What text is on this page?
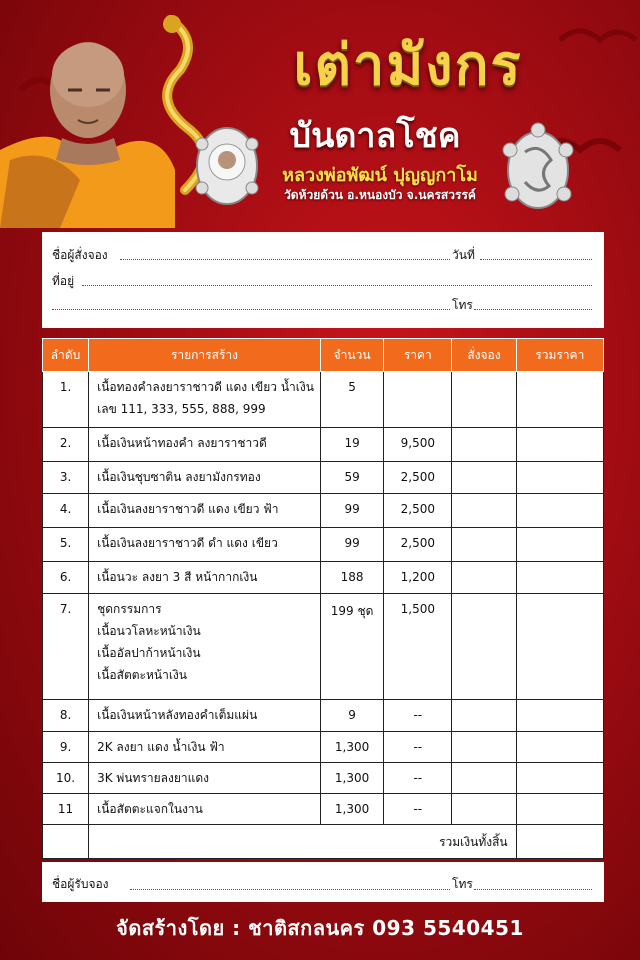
เต่ามังกร
บันดาลโชค
หลวงพ่อพัฒน์ ปุญญกาโม
วัดห้วยด้วน อ.หนองบัว จ.นครสวรรค์
ชื่อผู้สั่งจอง	วันที่
ที่อยู่
โทร
ลำดับ	รายการสร้าง	จำนวน	ราคา	สั่งจอง	รวมราคา
1.	เนื้อทองคำลงยาราชาวดี แดง เขียว น้ำเงิน
เลข 111, 333, 555, 888, 999	5			
2.	เนื้อเงินหน้าทองคำ ลงยาราชาวดี	19	9,500		
3.	เนื้อเงินชุบซาติน ลงยามังกรทอง	59	2,500		
4.	เนื้อเงินลงยาราชาวดี แดง เขียว ฟ้า	99	2,500		
5.	เนื้อเงินลงยาราชาวดี ดำ แดง เขียว	99	2,500		
6.	เนื้อนวะ ลงยา 3 สี หน้ากากเงิน	188	1,200		
7.	ชุดกรรมการ
เนื้อนวโลหะหน้าเงิน
เนื้ออัลปาก้าหน้าเงิน
เนื้อสัตตะหน้าเงิน	199 ชุด	1,500		
8.	เนื้อเงินหน้าหลังทองคำเต็มแผ่น	9	--		
9.	2K ลงยา แดง น้ำเงิน ฟ้า	1,300	--		
10.	3K พ่นทรายลงยาแดง	1,300	--		
11	เนื้อสัตตะแจกในงาน	1,300	--		
	รวมเงินทั้งสิ้น				
ชื่อผู้รับจอง	โทร
จัดสร้างโดย : ชาติสกลนคร 093 5540451
